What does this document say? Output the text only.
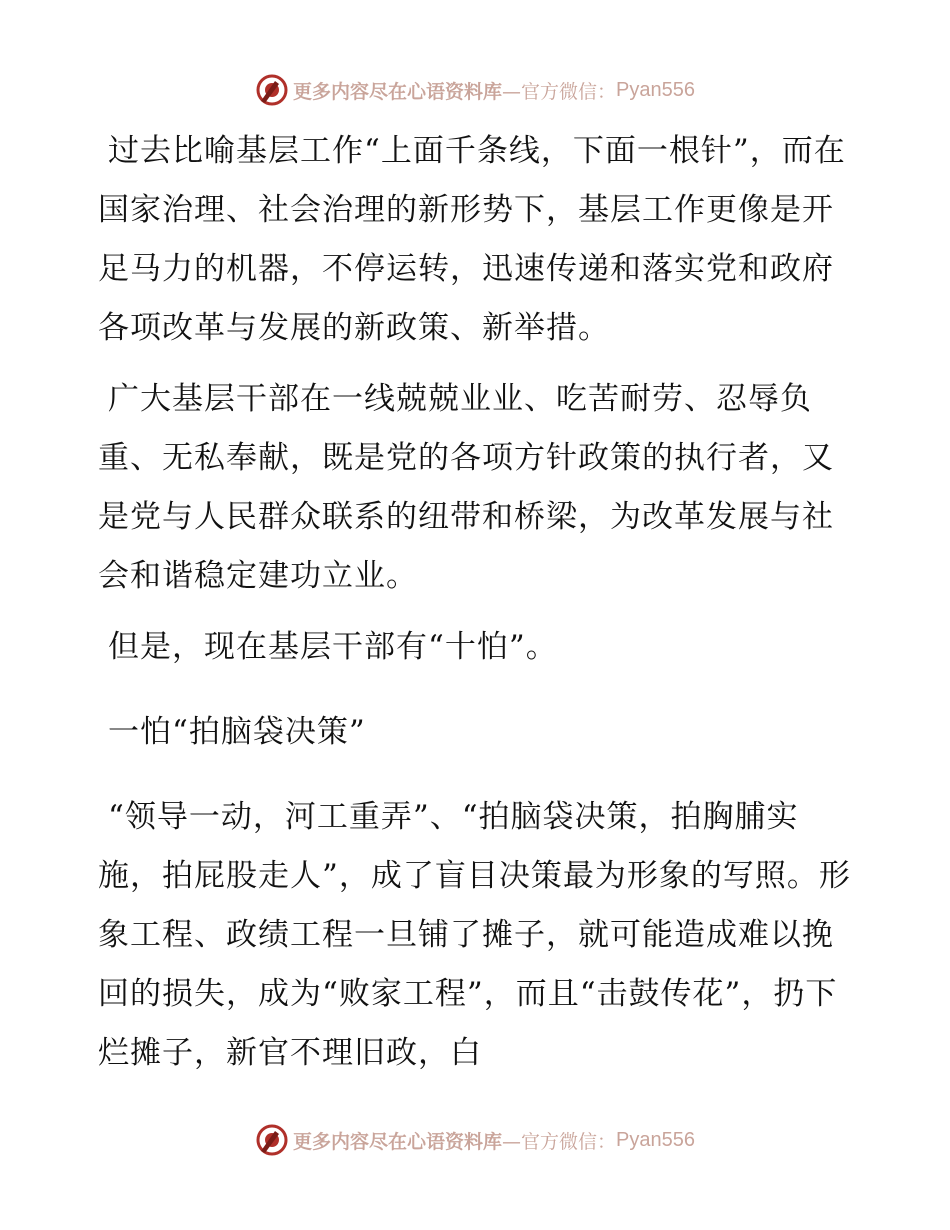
更多内容尽在心语资料库 —官方微信： Pyan556

过去比喻基层工作“上面千条线，下面一根针”，而在国家治理、社会治理的新形势下，基层工作更像是开足马力的机器，不停运转，迅速传递和落实党和政府各项改革与发展的新政策、新举措。

广大基层干部在一线兢兢业业、吃苦耐劳、忍辱负重、无私奉献，既是党的各项方针政策的执行者，又是党与人民群众联系的纽带和桥梁，为改革发展与社会和谐稳定建功立业。

但是，现在基层干部有“十怕”。

一怕“拍脑袋决策”

“领导一动，河工重弄”、“拍脑袋决策，拍胸脯实施，拍屁股走人”，成了盲目决策最为形象的写照。形象工程、政绩工程一旦铺了摊子，就可能造成难以挽回的损失，成为“败家工程”，而且“击鼓传花”，扔下烂摊子，新官不理旧政，白

更多内容尽在心语资料库 —官方微信： Pyan556
